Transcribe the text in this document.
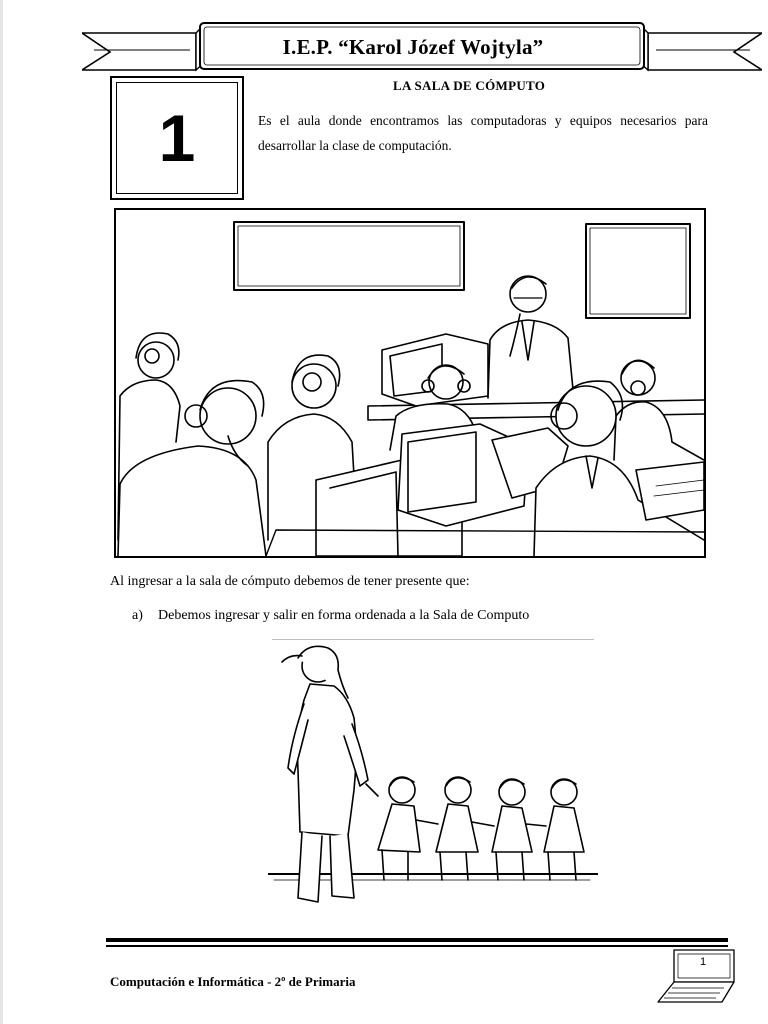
I.E.P. “Karol Józef Wojtyla”
1
LA SALA DE CÓMPUTO
Es el aula donde encontramos las computadoras y equipos necesarios para desarrollar la clase de computación.
Al ingresar a la sala de cómputo debemos de tener presente que:
a)	Debemos ingresar y salir en forma ordenada a la Sala de Computo
Computación e Informática - 2º de Primaria
1
